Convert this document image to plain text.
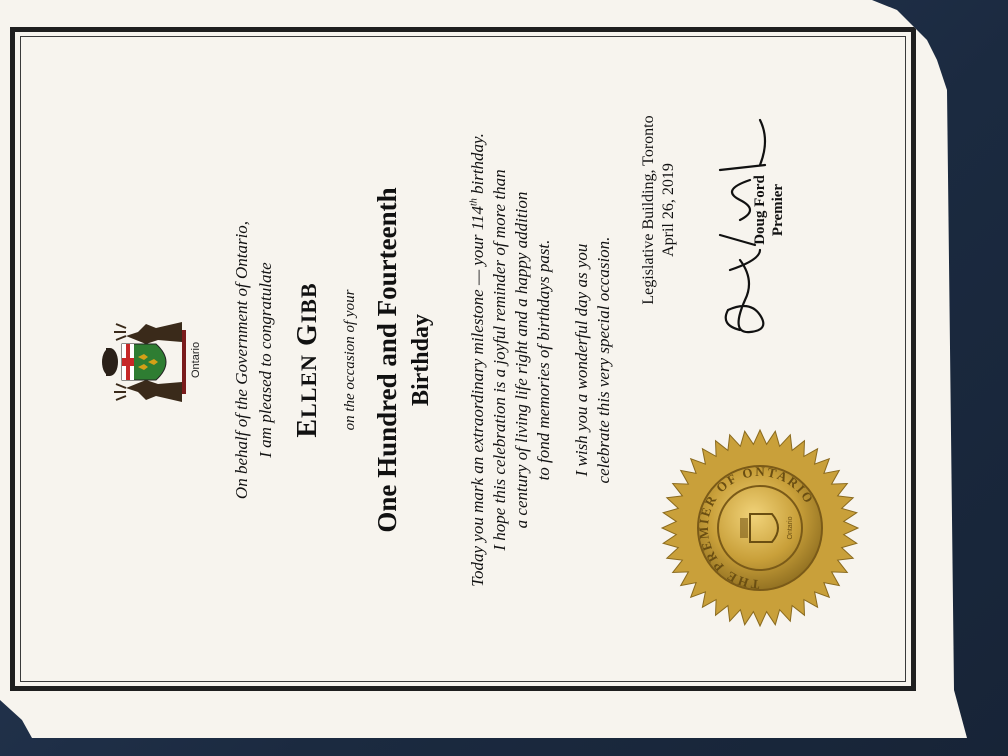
Ontario On behalf of the Government of Ontario, I am pleased to congratulate ELLEN GIBB on the occasion of your One Hundred and Fourteenth Birthday Today you mark an extraordinary milestone — your 114th birthday.
I hope this celebration is a joyful reminder of more than a century of living life right and a happy addition to fond memories of birthdays past. I wish you a wonderful day as you celebrate this very special occasion.
Legislative Building, Toronto April 26, 2019	Doug Ford Premier
THE PREMIER OF ONTARIO
Ontario
